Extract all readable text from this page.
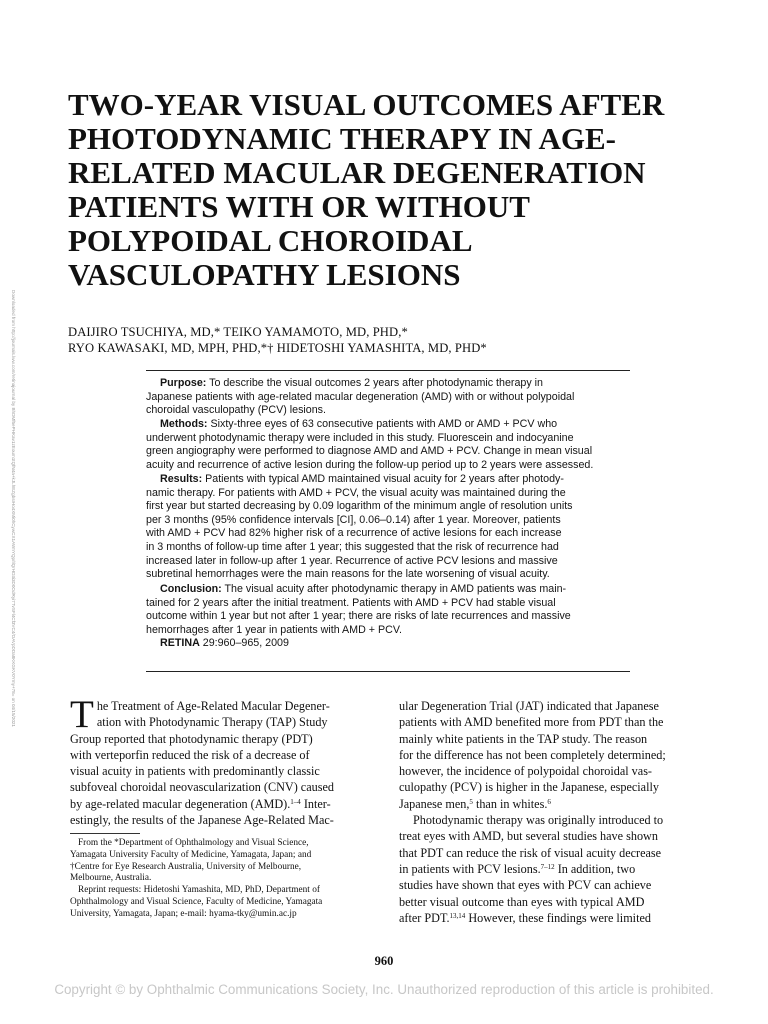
Downloaded from http://journals.lww.com/retinajournal by BhDMf5ePHKav1zEoum1tQfN4a+kJLhEZgbsIHo4XMi0hCywCX1AWnYQp/IlQrHD3i3D0OdRyi7TvSFl4Cf3VC4/OAVpDDa8KKGKV0Ymy+78= on 04/15/2021
TWO-YEAR VISUAL OUTCOMES AFTER
PHOTODYNAMIC THERAPY IN AGE-
RELATED MACULAR DEGENERATION
PATIENTS WITH OR WITHOUT
POLYPOIDAL CHOROIDAL
VASCULOPATHY LESIONS
DAIJIRO TSUCHIYA, MD,* TEIKO YAMAMOTO, MD, PHD,*
RYO KAWASAKI, MD, MPH, PHD,*† HIDETOSHI YAMASHITA, MD, PHD*
Purpose: To describe the visual outcomes 2 years after photodynamic therapy in
Japanese patients with age-related macular degeneration (AMD) with or without polypoidal
choroidal vasculopathy (PCV) lesions.
Methods: Sixty-three eyes of 63 consecutive patients with AMD or AMD + PCV who
underwent photodynamic therapy were included in this study. Fluorescein and indocyanine
green angiography were performed to diagnose AMD and AMD + PCV. Change in mean visual
acuity and recurrence of active lesion during the follow-up period up to 2 years were assessed.
Results: Patients with typical AMD maintained visual acuity for 2 years after photody-
namic therapy. For patients with AMD + PCV, the visual acuity was maintained during the
first year but started decreasing by 0.09 logarithm of the minimum angle of resolution units
per 3 months (95% confidence intervals [CI], 0.06–0.14) after 1 year. Moreover, patients
with AMD + PCV had 82% higher risk of a recurrence of active lesions for each increase
in 3 months of follow-up time after 1 year; this suggested that the risk of recurrence had
increased later in follow-up after 1 year. Recurrence of active PCV lesions and massive
subretinal hemorrhages were the main reasons for the late worsening of visual acuity.
Conclusion: The visual acuity after photodynamic therapy in AMD patients was main-
tained for 2 years after the initial treatment. Patients with AMD + PCV had stable visual
outcome within 1 year but not after 1 year; there are risks of late recurrences and massive
hemorrhages after 1 year in patients with AMD + PCV.
RETINA 29:960–965, 2009
T he Treatment of Age-Related Macular Degener-
ation with Photodynamic Therapy (TAP) Study
Group reported that photodynamic therapy (PDT)
with verteporfin reduced the risk of a decrease of
visual acuity in patients with predominantly classic
subfoveal choroidal neovascularization (CNV) caused
by age-related macular degeneration (AMD).$^{1-4}$ Inter-
estingly, the results of the Japanese Age-Related Mac-
From the *Department of Ophthalmology and Visual Science,
Yamagata University Faculty of Medicine, Yamagata, Japan; and
†Centre for Eye Research Australia, University of Melbourne,
Melbourne, Australia.
Reprint requests: Hidetoshi Yamashita, MD, PhD, Department of
Ophthalmology and Visual Science, Faculty of Medicine, Yamagata
University, Yamagata, Japan; e-mail: hyama-tky@umin.ac.jp
ular Degeneration Trial (JAT) indicated that Japanese
patients with AMD benefited more from PDT than the
mainly white patients in the TAP study. The reason
for the difference has not been completely determined;
however, the incidence of polypoidal choroidal vas-
culopathy (PCV) is higher in the Japanese, especially
Japanese men,$^5$ than in whites.$^6$
Photodynamic therapy was originally introduced to
treat eyes with AMD, but several studies have shown
that PDT can reduce the risk of visual acuity decrease
in patients with PCV lesions.$^{7-12}$ In addition, two
studies have shown that eyes with PCV can achieve
better visual outcome than eyes with typical AMD
after PDT.$^{13,14}$ However, these findings were limited
960
Copyright © by Ophthalmic Communications Society, Inc. Unauthorized reproduction of this article is prohibited.
